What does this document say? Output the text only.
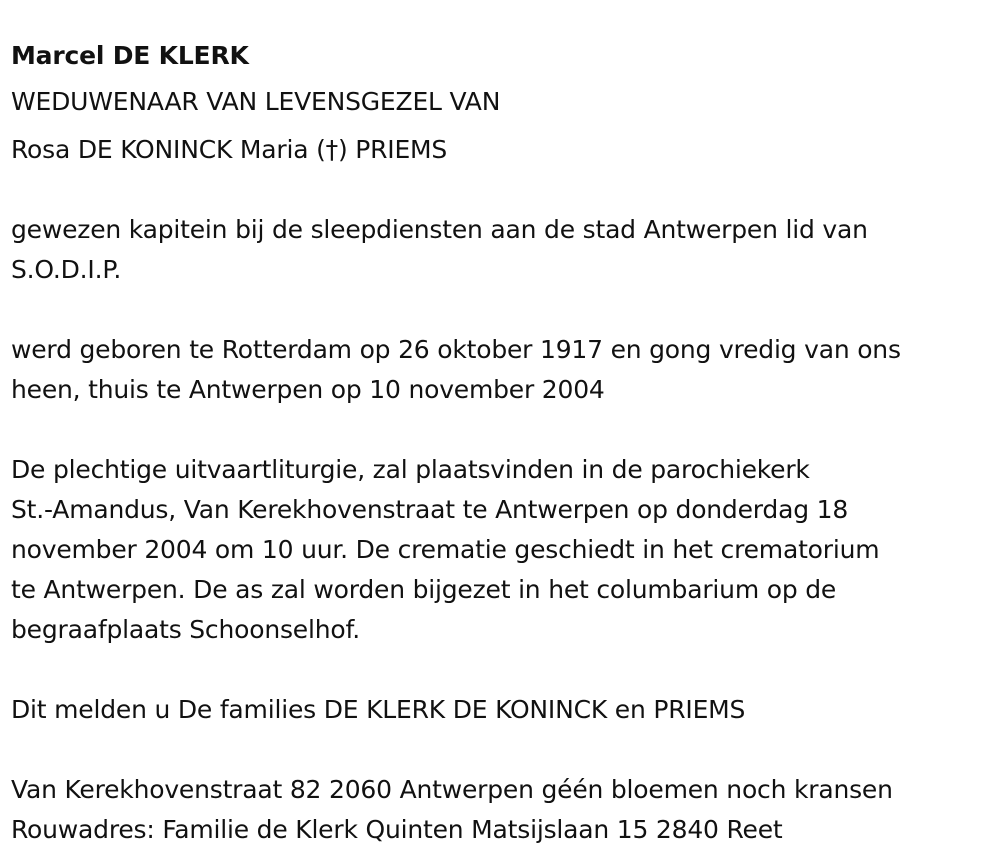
Marcel DE KLERK
WEDUWENAAR VAN LEVENSGEZEL VAN
Rosa DE KONINCK Maria (†) PRIEMS
gewezen kapitein bij de sleepdiensten aan de stad Antwerpen lid van
S.O.D.I.P.
werd geboren te Rotterdam op 26 oktober 1917 en gong vredig van ons
heen, thuis te Antwerpen op 10 november 2004
De plechtige uitvaartliturgie, zal plaatsvinden in de parochiekerk
St.-Amandus, Van Kerekhovenstraat te Antwerpen op donderdag 18
november 2004 om 10 uur. De crematie geschiedt in het crematorium
te Antwerpen. De as zal worden bijgezet in het columbarium op de
begraafplaats Schoonselhof.
Dit melden u De families DE KLERK DE KONINCK en PRIEMS
Van Kerekhovenstraat 82 2060 Antwerpen géén bloemen noch kransen
Rouwadres: Familie de Klerk Quinten Matsijslaan 15 2840 Reet
